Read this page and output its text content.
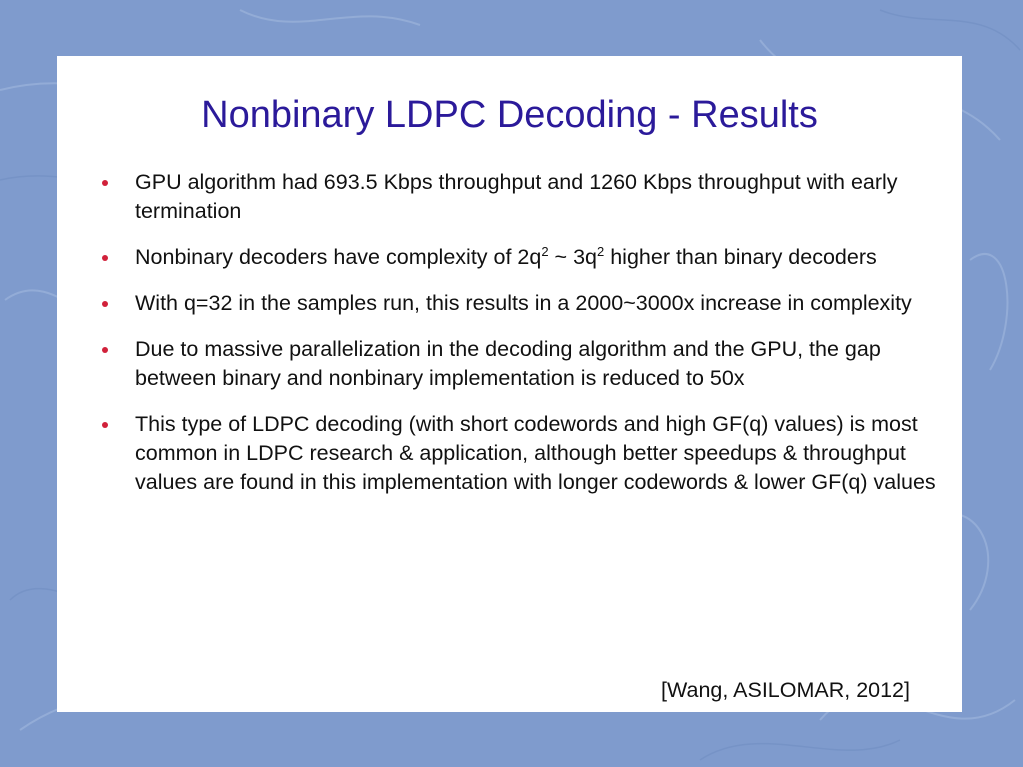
Nonbinary LDPC Decoding - Results
GPU algorithm had 693.5 Kbps throughput and 1260 Kbps throughput with early termination
Nonbinary decoders have complexity of $2q^2$ ~ $3q^2$ higher than binary decoders
With q=32 in the samples run, this results in a 2000~3000x increase in complexity
Due to massive parallelization in the decoding algorithm and the GPU, the gap between binary and nonbinary implementation is reduced to 50x
This type of LDPC decoding (with short codewords and high GF(q) values) is most common in LDPC research & application, although better speedups & throughput values are found in this implementation with longer codewords & lower GF(q) values
[Wang, ASILOMAR, 2012]
